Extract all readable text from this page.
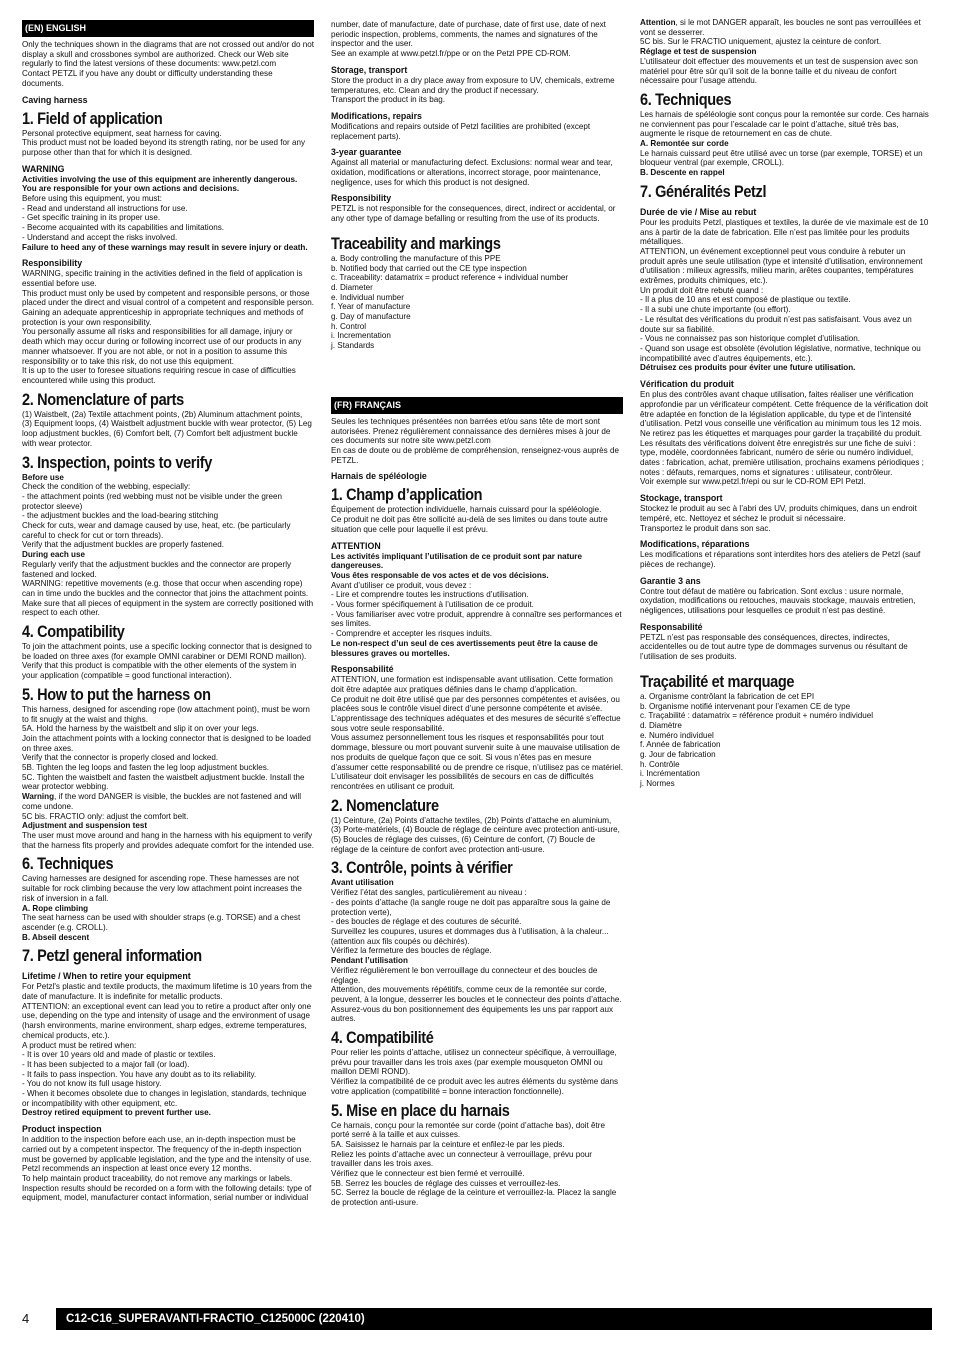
(EN) ENGLISH
Only the techniques shown in the diagrams that are not crossed out and/or do not display a skull and crossbones symbol are authorized. Check our Web site regularly to find the latest versions of these documents: www.petzl.com
Contact PETZL if you have any doubt or difficulty understanding these documents.
Caving harness
1. Field of application
Personal protective equipment, seat harness for caving.
This product must not be loaded beyond its strength rating, nor be used for any purpose other than that for which it is designed.
WARNING
Activities involving the use of this equipment are inherently dangerous.
You are responsible for your own actions and decisions.
Before using this equipment, you must:
- Read and understand all instructions for use.
- Get specific training in its proper use.
- Become acquainted with its capabilities and limitations.
- Understand and accept the risks involved.
Failure to heed any of these warnings may result in severe injury or death.
Responsibility
WARNING, specific training in the activities defined in the field of application is essential before use.
This product must only be used by competent and responsible persons, or those placed under the direct and visual control of a competent and responsible person.
Gaining an adequate apprenticeship in appropriate techniques and methods of protection is your own responsibility.
You personally assume all risks and responsibilities for all damage, injury or death which may occur during or following incorrect use of our products in any manner whatsoever. If you are not able, or not in a position to assume this responsibility or to take this risk, do not use this equipment.
It is up to the user to foresee situations requiring rescue in case of difficulties encountered while using this product.
2. Nomenclature of parts
(1) Waistbelt, (2a) Textile attachment points, (2b) Aluminum attachment points, (3) Equipment loops, (4) Waistbelt adjustment buckle with wear protector, (5) Leg loop adjustment buckles, (6) Comfort belt, (7) Comfort belt adjustment buckle with wear protector.
3. Inspection, points to verify
Before use
Check the condition of the webbing, especially:
- the attachment points (red webbing must not be visible under the green protector sleeve)
- the adjustment buckles and the load-bearing stitching
Check for cuts, wear and damage caused by use, heat, etc. (be particularly careful to check for cut or torn threads).
Verify that the adjustment buckles are properly fastened.
During each use
Regularly verify that the adjustment buckles and the connector are properly fastened and locked.
WARNING: repetitive movements (e.g. those that occur when ascending rope) can in time undo the buckles and the connector that joins the attachment points.
Make sure that all pieces of equipment in the system are correctly positioned with respect to each other.
4. Compatibility
To join the attachment points, use a specific locking connector that is designed to be loaded on three axes (for example OMNI carabiner or DEMI ROND maillon).
Verify that this product is compatible with the other elements of the system in your application (compatible = good functional interaction).
5. How to put the harness on
This harness, designed for ascending rope (low attachment point), must be worn to fit snugly at the waist and thighs.
5A. Hold the harness by the waistbelt and slip it on over your legs.
Join the attachment points with a locking connector that is designed to be loaded on three axes.
Verify that the connector is properly closed and locked.
5B. Tighten the leg loops and fasten the leg loop adjustment buckles.
5C. Tighten the waistbelt and fasten the waistbelt adjustment buckle. Install the wear protector webbing.

Warning, if the word DANGER is visible, the buckles are not fastened and will come undone.

5C bis. FRACTIO only: adjust the comfort belt.
Adjustment and suspension test
The user must move around and hang in the harness with his equipment to verify that the harness fits properly and provides adequate comfort for the intended use.
6. Techniques
Caving harnesses are designed for ascending rope. These harnesses are not suitable for rock climbing because the very low attachment point increases the risk of inversion in a fall.
A. Rope climbing
The seat harness can be used with shoulder straps (e.g. TORSE) and a chest ascender (e.g. CROLL).
B. Abseil descent
7. Petzl general information
Lifetime / When to retire your equipment
For Petzl's plastic and textile products, the maximum lifetime is 10 years from the date of manufacture. It is indefinite for metallic products.
ATTENTION: an exceptional event can lead you to retire a product after only one use, depending on the type and intensity of usage and the environment of usage (harsh environments, marine environment, sharp edges, extreme temperatures, chemical products, etc.).
A product must be retired when:
- It is over 10 years old and made of plastic or textiles.
- It has been subjected to a major fall (or load).
- It fails to pass inspection. You have any doubt as to its reliability.
- You do not know its full usage history.
- When it becomes obsolete due to changes in legislation, standards, technique or incompatibility with other equipment, etc.
Destroy retired equipment to prevent further use.
Product inspection
In addition to the inspection before each use, an in-depth inspection must be carried out by a competent inspector. The frequency of the in-depth inspection must be governed by applicable legislation, and the type and the intensity of use. Petzl recommends an inspection at least once every 12 months.
To help maintain product traceability, do not remove any markings or labels.
Inspection results should be recorded on a form with the following details: type of equipment, model, manufacturer contact information, serial number or individual
number, date of manufacture, date of purchase, date of first use, date of next periodic inspection, problems, comments, the names and signatures of the inspector and the user.
See an example at www.petzl.fr/ppe or on the Petzl PPE CD-ROM.
Storage, transport
Store the product in a dry place away from exposure to UV, chemicals, extreme temperatures, etc. Clean and dry the product if necessary.
Transport the product in its bag.
Modifications, repairs
Modifications and repairs outside of Petzl facilities are prohibited (except replacement parts).
3-year guarantee
Against all material or manufacturing defect. Exclusions: normal wear and tear, oxidation, modifications or alterations, incorrect storage, poor maintenance, negligence, uses for which this product is not designed.
Responsibility
PETZL is not responsible for the consequences, direct, indirect or accidental, or any other type of damage befalling or resulting from the use of its products.
Traceability and markings
a. Body controlling the manufacture of this PPE
b. Notified body that carried out the CE type inspection
c. Traceability: datamatrix = product reference + individual number
d. Diameter
e. Individual number
f. Year of manufacture
g. Day of manufacture
h. Control
i. Incrementation
j. Standards
(FR) FRANÇAIS
Seules les techniques présentées non barrées et/ou sans tête de mort sont autorisées. Prenez régulièrement connaissance des dernières mises à jour de ces documents sur notre site www.petzl.com
En cas de doute ou de problème de compréhension, renseignez-vous auprès de PETZL.
Harnais de spéléologie
1. Champ d’application
Équipement de protection individuelle, harnais cuissard pour la spéléologie.
Ce produit ne doit pas être sollicité au-delà de ses limites ou dans toute autre situation que celle pour laquelle il est prévu.
ATTENTION
Les activités impliquant l’utilisation de ce produit sont par nature dangereuses.
Vous êtes responsable de vos actes et de vos décisions.
Avant d’utiliser ce produit, vous devez :
- Lire et comprendre toutes les instructions d’utilisation.
- Vous former spécifiquement à l’utilisation de ce produit.
- Vous familiariser avec votre produit, apprendre à connaître ses performances et ses limites.
- Comprendre et accepter les risques induits.
Le non-respect d’un seul de ces avertissements peut être la cause de blessures graves ou mortelles.
Responsabilité
ATTENTION, une formation est indispensable avant utilisation. Cette formation doit être adaptée aux pratiques définies dans le champ d’application.
Ce produit ne doit être utilisé que par des personnes compétentes et avisées, ou placées sous le contrôle visuel direct d’une personne compétente et avisée.
L’apprentissage des techniques adéquates et des mesures de sécurité s’effectue sous votre seule responsabilité.
Vous assumez personnellement tous les risques et responsabilités pour tout dommage, blessure ou mort pouvant survenir suite à une mauvaise utilisation de nos produits de quelque façon que ce soit. Si vous n’êtes pas en mesure d’assumer cette responsabilité ou de prendre ce risque, n’utilisez pas ce matériel.
L’utilisateur doit envisager les possibilités de secours en cas de difficultés rencontrées en utilisant ce produit.
2. Nomenclature
(1) Ceinture, (2a) Points d’attache textiles, (2b) Points d’attache en aluminium, (3) Porte-matériels, (4) Boucle de réglage de ceinture avec protection anti-usure, (5) Boucles de réglage des cuisses, (6) Ceinture de confort, (7) Boucle de réglage de la ceinture de confort avec protection anti-usure.
3. Contrôle, points à vérifier
Avant utilisation
Vérifiez l’état des sangles, particulièrement au niveau :
- des points d’attache (la sangle rouge ne doit pas apparaître sous la gaine de protection verte),
- des boucles de réglage et des coutures de sécurité.
Surveillez les coupures, usures et dommages dus à l’utilisation, à la chaleur... (attention aux fils coupés ou déchirés).
Vérifiez la fermeture des boucles de réglage.
Pendant l’utilisation
Vérifiez régulièrement le bon verrouillage du connecteur et des boucles de réglage.
Attention, des mouvements répétitifs, comme ceux de la remontée sur corde, peuvent, à la longue, desserrer les boucles et le connecteur des points d’attache.
Assurez-vous du bon positionnement des équipements les uns par rapport aux autres.
4. Compatibilité
Pour relier les points d’attache, utilisez un connecteur spécifique, à verrouillage, prévu pour travailler dans les trois axes (par exemple mousqueton OMNI ou maillon DEMI ROND).
Vérifiez la compatibilité de ce produit avec les autres éléments du système dans votre application (compatibilité = bonne interaction fonctionnelle).
5. Mise en place du harnais
Ce harnais, conçu pour la remontée sur corde (point d’attache bas), doit être porté serré à la taille et aux cuisses.
5A. Saisissez le harnais par la ceinture et enfilez-le par les pieds.
Reliez les points d’attache avec un connecteur à verrouillage, prévu pour travailler dans les trois axes.
Vérifiez que le connecteur est bien fermé et verrouillé.
5B. Serrez les boucles de réglage des cuisses et verrouillez-les.
5C. Serrez la boucle de réglage de la ceinture et verrouillez-la. Placez la sangle de protection anti-usure.

Attention, si le mot DANGER apparaît, les boucles ne sont pas verrouillées et vont se desserrer.

5C bis. Sur le FRACTIO uniquement, ajustez la ceinture de confort.
Réglage et test de suspension
L’utilisateur doit effectuer des mouvements et un test de suspension avec son matériel pour être sûr qu’il soit de la bonne taille et du niveau de confort nécessaire pour l’usage attendu.
6. Techniques
Les harnais de spéléologie sont conçus pour la remontée sur corde. Ces harnais ne conviennent pas pour l’escalade car le point d’attache, situé très bas, augmente le risque de retournement en cas de chute.
A. Remontée sur corde
Le harnais cuissard peut être utilisé avec un torse (par exemple, TORSE) et un bloqueur ventral (par exemple, CROLL).
B. Descente en rappel
7. Généralités Petzl
Durée de vie / Mise au rebut
Pour les produits Petzl, plastiques et textiles, la durée de vie maximale est de 10 ans à partir de la date de fabrication. Elle n’est pas limitée pour les produits métalliques.
ATTENTION, un événement exceptionnel peut vous conduire à rebuter un produit après une seule utilisation (type et intensité d’utilisation, environnement d’utilisation : milieux agressifs, milieu marin, arêtes coupantes, températures extrêmes, produits chimiques, etc.).
Un produit doit être rebuté quand :
- Il a plus de 10 ans et est composé de plastique ou textile.
- Il a subi une chute importante (ou effort).
- Le résultat des vérifications du produit n’est pas satisfaisant. Vous avez un doute sur sa fiabilité.
- Vous ne connaissez pas son historique complet d’utilisation.
- Quand son usage est obsolète (évolution législative, normative, technique ou incompatibilité avec d’autres équipements, etc.).
Détruisez ces produits pour éviter une future utilisation.
Vérification du produit
En plus des contrôles avant chaque utilisation, faites réaliser une vérification approfondie par un vérificateur compétent. Cette fréquence de la vérification doit être adaptée en fonction de la législation applicable, du type et de l’intensité d’utilisation. Petzl vous conseille une vérification au minimum tous les 12 mois.
Ne retirez pas les étiquettes et marquages pour garder la traçabilité du produit.
Les résultats des vérifications doivent être enregistrés sur une fiche de suivi : type, modèle, coordonnées fabricant, numéro de série ou numéro individuel, dates : fabrication, achat, première utilisation, prochains examens périodiques ; notes : défauts, remarques, noms et signatures : utilisateur, contrôleur.
Voir exemple sur www.petzl.fr/epi ou sur le CD-ROM EPI Petzl.
Stockage, transport
Stockez le produit au sec à l’abri des UV, produits chimiques, dans un endroit tempéré, etc. Nettoyez et séchez le produit si nécessaire.
Transportez le produit dans son sac.
Modifications, réparations
Les modifications et réparations sont interdites hors des ateliers de Petzl (sauf pièces de rechange).
Garantie 3 ans
Contre tout défaut de matière ou fabrication. Sont exclus : usure normale, oxydation, modifications ou retouches, mauvais stockage, mauvais entretien, négligences, utilisations pour lesquelles ce produit n’est pas destiné.
Responsabilité
PETZL n’est pas responsable des conséquences, directes, indirectes, accidentelles ou de tout autre type de dommages survenus ou résultant de l’utilisation de ses produits.
Traçabilité et marquage
a. Organisme contrôlant la fabrication de cet EPI
b. Organisme notifié intervenant pour l’examen CE de type
c. Traçabilité : datamatrix = référence produit + numéro individuel
d. Diamètre
e. Numéro individuel
f. Année de fabrication
g. Jour de fabrication
h. Contrôle
i. Incrémentation
j. Normes
4	C12-C16_SUPERAVANTI-FRACTIO_C125000C (220410)
